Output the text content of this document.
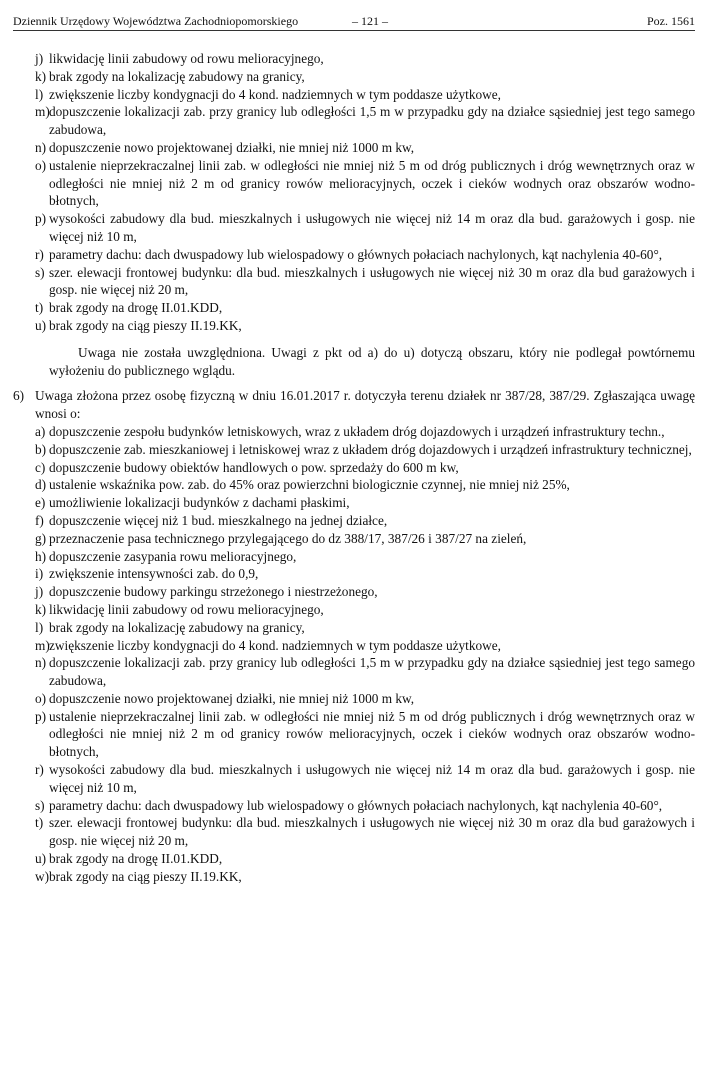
Dziennik Urzędowy Województwa Zachodniopomorskiego	– 121 –	Poz. 1561
j) likwidację linii zabudowy od rowu melioracyjnego,
k) brak zgody na lokalizację zabudowy na granicy,
l) zwiększenie liczby kondygnacji do 4 kond. nadziemnych w tym poddasze użytkowe,
m) dopuszczenie lokalizacji zab. przy granicy lub odległości 1,5 m w przypadku gdy na działce sąsiedniej jest tego samego zabudowa,
n) dopuszczenie nowo projektowanej działki, nie mniej niż 1000 m kw,
o) ustalenie nieprzekraczalnej linii zab. w odległości nie mniej niż 5 m od dróg publicznych i dróg wewnętrznych oraz w odległości nie mniej niż 2 m od granicy rowów melioracyjnych, oczek i cieków wodnych oraz obszarów wodno-błotnych,
p) wysokości zabudowy dla bud. mieszkalnych i usługowych nie więcej niż 14 m oraz dla bud. garażowych i gosp. nie więcej niż 10 m,
r) parametry dachu: dach dwuspadowy lub wielospadowy o głównych połaciach nachylonych, kąt nachylenia 40-60°,
s) szer. elewacji frontowej budynku: dla bud. mieszkalnych i usługowych nie więcej niż 30 m oraz dla bud garażowych i gosp. nie więcej niż 20 m,
t) brak zgody na drogę II.01.KDD,
u) brak zgody na ciąg pieszy II.19.KK,
Uwaga nie została uwzględniona. Uwagi z pkt od a) do u) dotyczą obszaru, który nie podlegał powtórnemu wyłożeniu do publicznego wglądu.
6) Uwaga złożona przez osobę fizyczną w dniu 16.01.2017 r. dotyczyła terenu działek nr 387/28, 387/29. Zgłaszająca uwagę wnosi o:
a) dopuszczenie zespołu budynków letniskowych, wraz z układem dróg dojazdowych i urządzeń infrastruktury techn.,
b) dopuszczenie zab. mieszkaniowej i letniskowej wraz z układem dróg dojazdowych i urządzeń infrastruktury technicznej,
c) dopuszczenie budowy obiektów handlowych o pow. sprzedaży do 600 m kw,
d) ustalenie wskaźnika pow. zab. do 45% oraz powierzchni biologicznie czynnej, nie mniej niż 25%,
e) umożliwienie lokalizacji budynków z dachami płaskimi,
f) dopuszczenie więcej niż 1 bud. mieszkalnego na jednej działce,
g) przeznaczenie pasa technicznego przylegającego do dz 388/17, 387/26 i 387/27 na zieleń,
h) dopuszczenie zasypania rowu melioracyjnego,
i) zwiększenie intensywności zab. do 0,9,
j) dopuszczenie budowy parkingu strzeżonego i niestrzeżonego,
k) likwidację linii zabudowy od rowu melioracyjnego,
l) brak zgody na lokalizację zabudowy na granicy,
m) zwiększenie liczby kondygnacji do 4 kond. nadziemnych w tym poddasze użytkowe,
n) dopuszczenie lokalizacji zab. przy granicy lub odległości 1,5 m w przypadku gdy na działce sąsiedniej jest tego samego zabudowa,
o) dopuszczenie nowo projektowanej działki, nie mniej niż 1000 m kw,
p) ustalenie nieprzekraczalnej linii zab. w odległości nie mniej niż 5 m od dróg publicznych i dróg wewnętrznych oraz w odległości nie mniej niż 2 m od granicy rowów melioracyjnych, oczek i cieków wodnych oraz obszarów wodno-błotnych,
r) wysokości zabudowy dla bud. mieszkalnych i usługowych nie więcej niż 14 m oraz dla bud. garażowych i gosp. nie więcej niż 10 m,
s) parametry dachu: dach dwuspadowy lub wielospadowy o głównych połaciach nachylonych, kąt nachylenia 40-60°,
t) szer. elewacji frontowej budynku: dla bud. mieszkalnych i usługowych nie więcej niż 30 m oraz dla bud garażowych i gosp. nie więcej niż 20 m,
u) brak zgody na drogę II.01.KDD,
w) brak zgody na ciąg pieszy II.19.KK,
